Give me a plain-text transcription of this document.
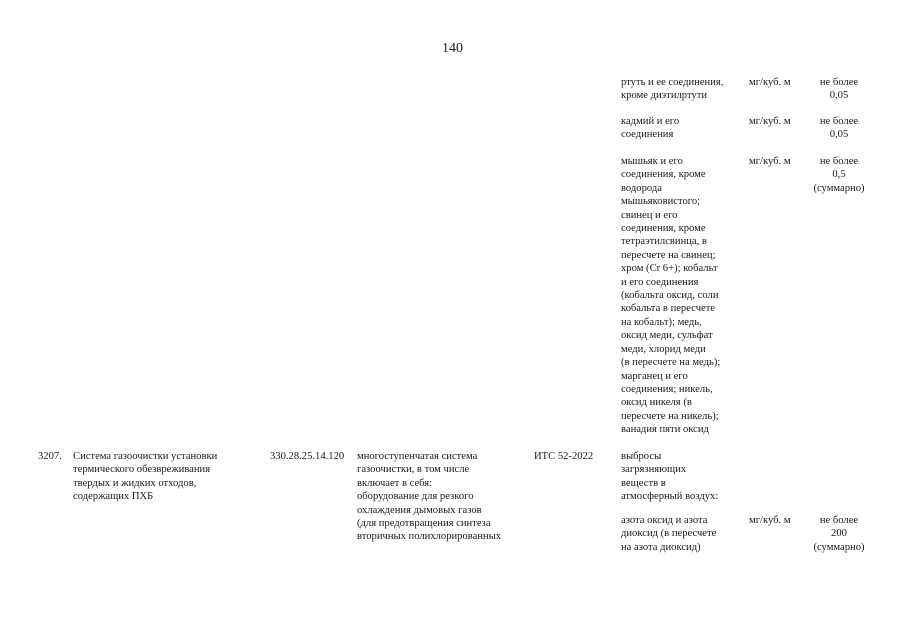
140
ртуть и ее соединения,
кроме диэтилртути
мг/куб. м	не более
0,05
кадмий и его
соединения
мг/куб. м	не более
0,05
мышьяк и его
соединения, кроме
водорода
мышьяковистого;
свинец и его
соединения, кроме
тетраэтилсвинца, в
пересчете на свинец;
хром (Cr 6+); кобальт
и его соединения
(кобальта оксид, соли
кобальта в пересчете
на кобальт); медь,
оксид меди, сульфат
меди, хлорид меди
(в пересчете на медь);
марганец и его
соединения; никель,
оксид никеля (в
пересчете на никель);
ванадия пяти оксид
мг/куб. м	не более
0,5
(суммарно)
3207.	Система газоочистки установки
термического обезвреживания
твердых и жидких отходов,
содержащих ПХБ
330.28.25.14.120	многоступенчатая система
газоочистки, в том числе
включает в себя:
оборудование для резкого
охлаждения дымовых газов
(для предотвращения синтеза
вторичных полихлорированных
ИТС 52-2022	выбросы
загрязняющих
веществ в
атмосферный воздух:
азота оксид и азота
диоксид (в пересчете
на азота диоксид)
мг/куб. м	не более
200
(суммарно)
